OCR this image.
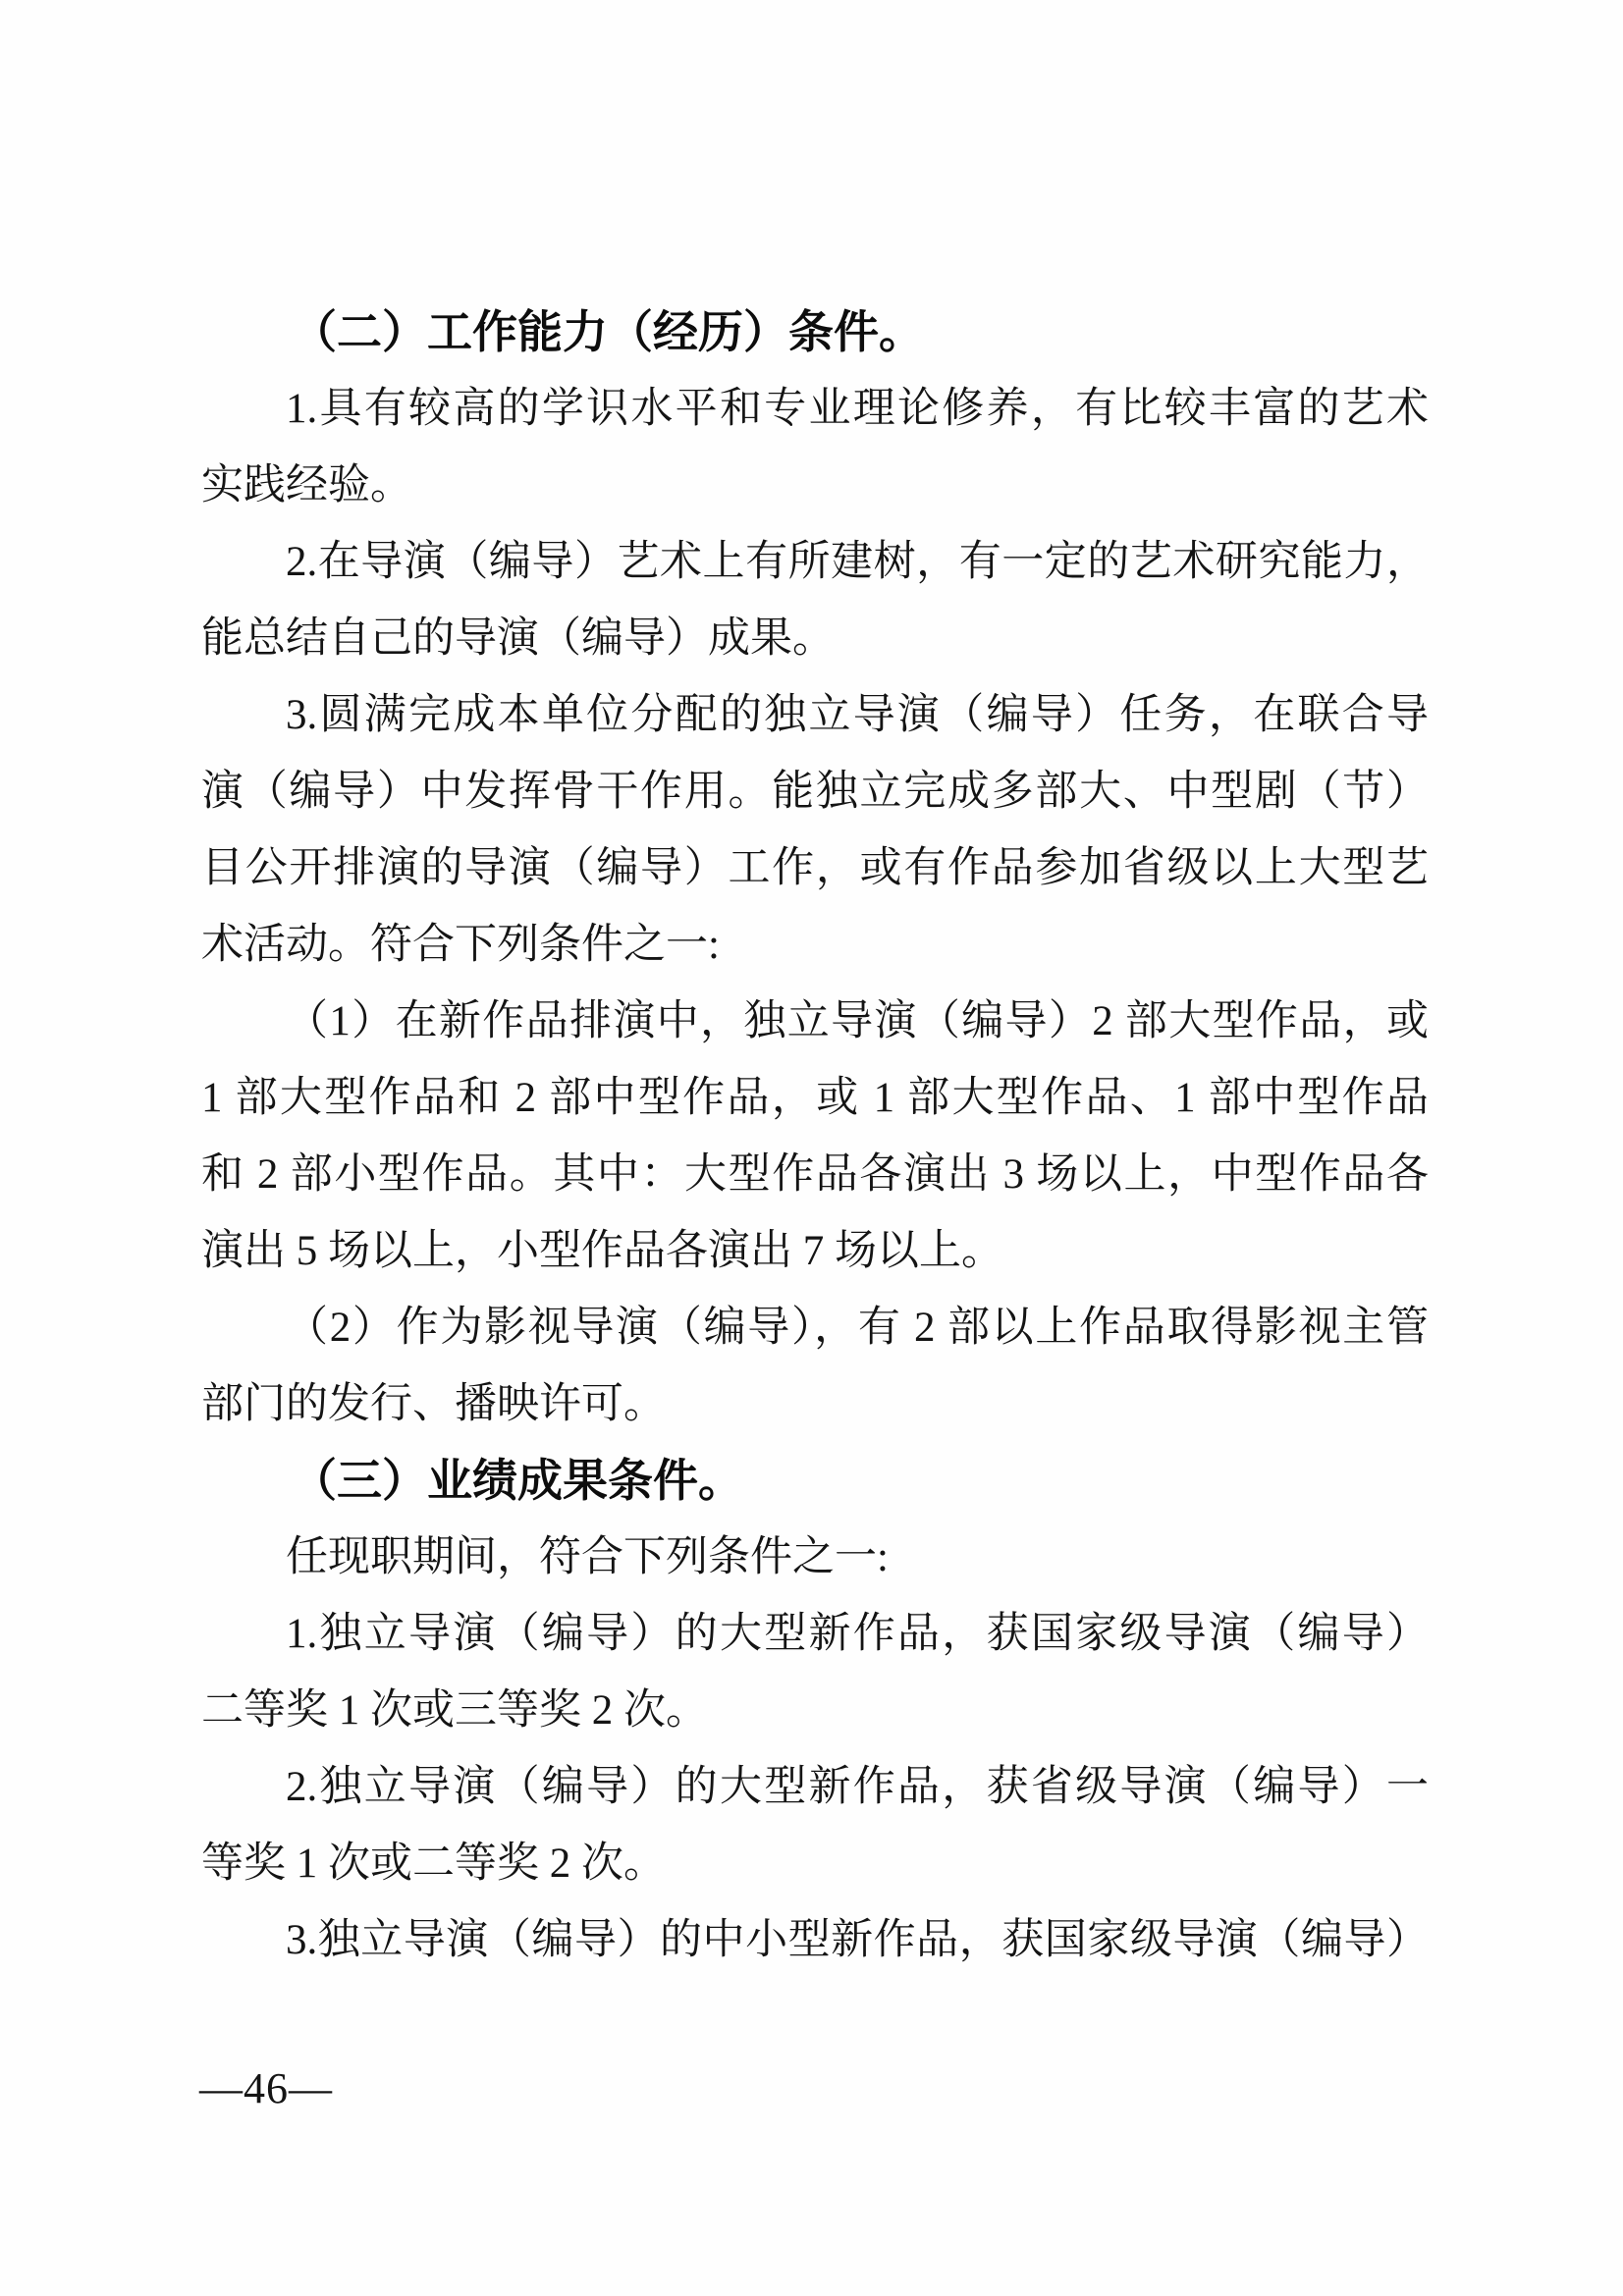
（二）工作能力（经历）条件。
1.具有较高的学识水平和专业理论修养，有比较丰富的艺术
实践经验。
2.在导演（编导）艺术上有所建树，有一定的艺术研究能力，
能总结自己的导演（编导）成果。
3.圆满完成本单位分配的独立导演（编导）任务，在联合导
演（编导）中发挥骨干作用。能独立完成多部大、中型剧（节）
目公开排演的导演（编导）工作，或有作品参加省级以上大型艺
术活动。符合下列条件之一:
（1）在新作品排演中，独立导演（编导）2 部大型作品，或
1 部大型作品和 2 部中型作品，或 1 部大型作品、1 部中型作品
和 2 部小型作品。其中：大型作品各演出 3 场以上，中型作品各
演出 5 场以上，小型作品各演出 7 场以上。
（2）作为影视导演（编导），有 2 部以上作品取得影视主管
部门的发行、播映许可。
（三）业绩成果条件。
任现职期间，符合下列条件之一:
1.独立导演（编导）的大型新作品，获国家级导演（编导）
二等奖 1 次或三等奖 2 次。
2.独立导演（编导）的大型新作品，获省级导演（编导）一
等奖 1 次或二等奖 2 次。
3.独立导演（编导）的中小型新作品，获国家级导演（编导）
—46—
